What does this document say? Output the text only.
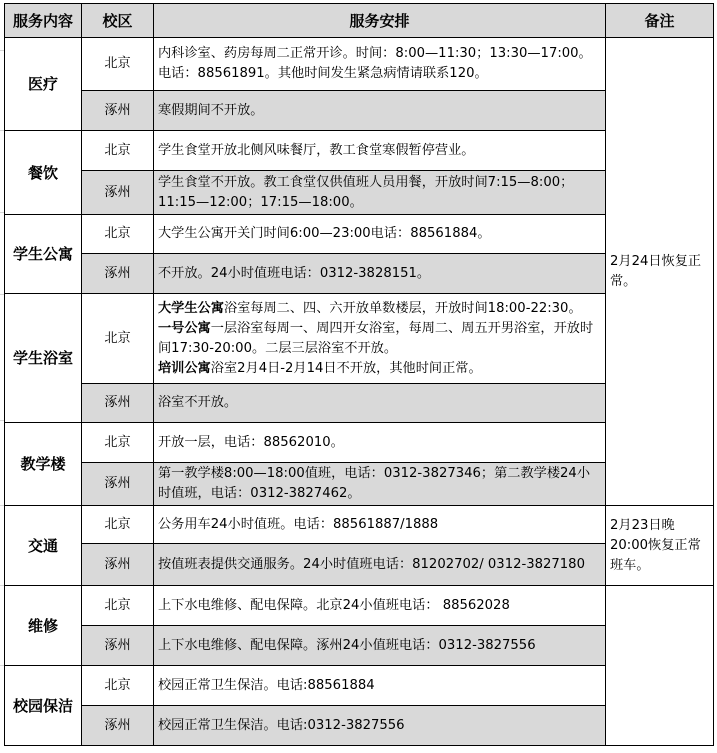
服务内容	校区	服务安排	备注
医疗	北京	内科诊室、药房每周二正常开诊。时间：8:00—11:30；13:30—17:00。电话：88561891。其他时间发生紧急病情请联系120。	2月24日恢复正常。
	涿州	寒假期间不开放。	
餐饮	北京	学生食堂开放北侧风味餐厅，教工食堂寒假暂停营业。	
	涿州	学生食堂不开放。教工食堂仅供值班人员用餐，开放时间7:15—8:00；11:15—12:00；17:15—18:00。	
学生公寓	北京	大学生公寓开关门时间6:00—23:00电话：88561884。	
	涿州	不开放。24小时值班电话：0312-3828151。	
学生浴室	北京	大学生公寓浴室每周二、四、六开放单数楼层，开放时间18:00-22:30。　一号公寓一层浴室每周一、周四开女浴室，每周二、周五开男浴室，开放时间17:30-20:00。二层三层浴室不开放。
培训公寓浴室2月4日-2月14日不开放，其他时间正常。	
	涿州	浴室不开放。	
教学楼	北京	开放一层，电话：88562010。	
	涿州	第一教学楼8:00—18:00值班，电话：0312-3827346；第二教学楼24小时值班，电话：0312-3827462。	
交通	北京	公务用车24小时值班。电话：88561887/1888	2月23日晚20:00恢复正常班车。
	涿州	按值班表提供交通服务。24小时值班电话：81202702/ 0312-3827180	
维修	北京	上下水电维修、配电保障。北京24小值班电话： 88562028	
	涿州	上下水电维修、配电保障。涿州24小值班电话：0312-3827556	
校园保洁	北京	校园正常卫生保洁。电话:88561884	
	涿州	校园正常卫生保洁。电话:0312-3827556	
